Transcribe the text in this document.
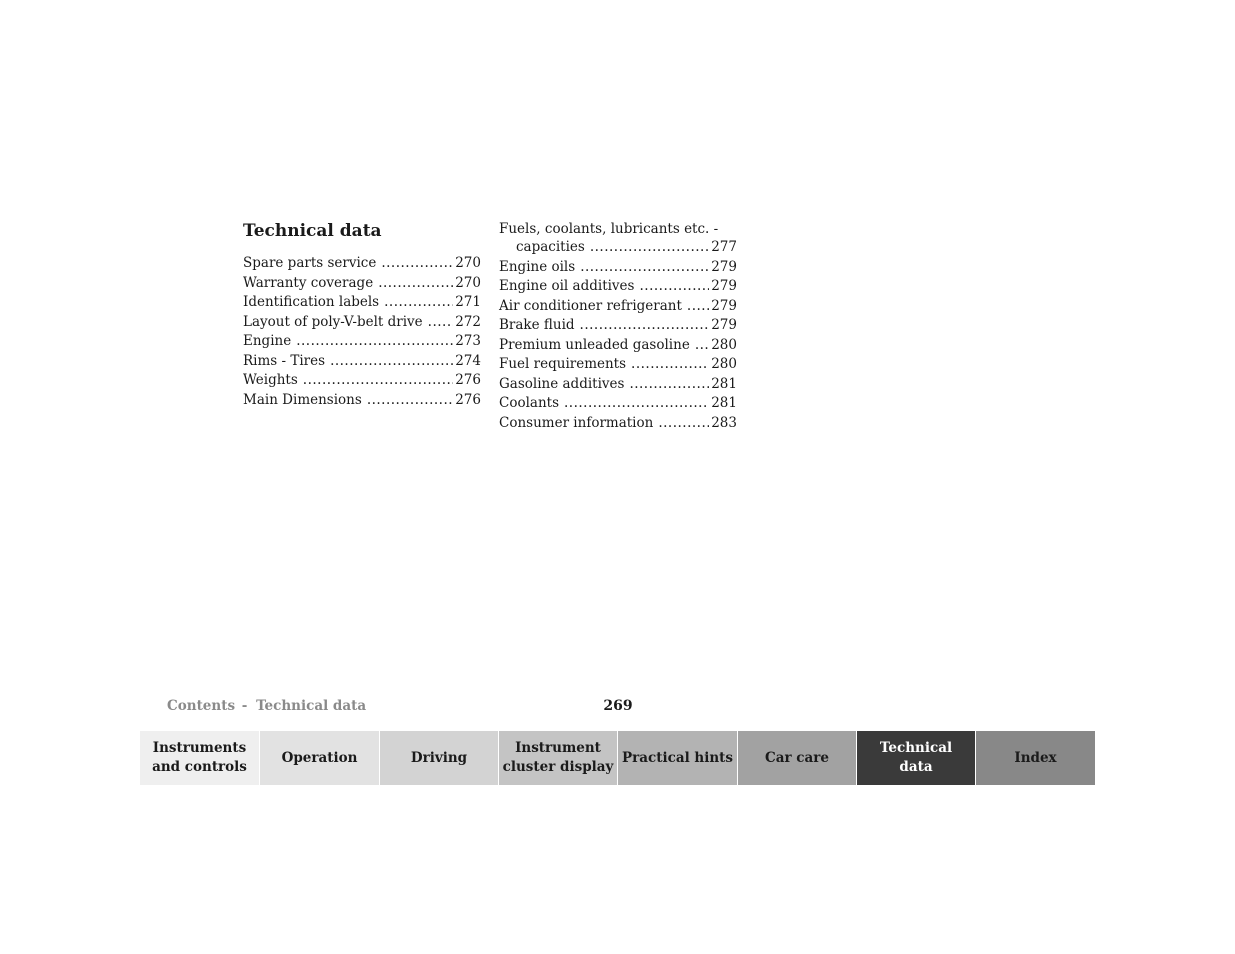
Technical data
Spare parts service .....	270
Warranty coverage .....	270
Identification labels .....	271
Layout of poly-V-belt drive ..... 272
Engine .....	273
Rims - Tires .....	274
Weights .....	276
Main Dimensions .....	276
Fuels, coolants, lubricants etc. -
capacities .....	277
Engine oils .....	279
Engine oil additives .....	279
Air conditioner refrigerant ..... 279
Brake fluid .....	279
Premium unleaded gasoline ..... 280
Fuel requirements .....	280
Gasoline additives .....	281
Coolants .....	281
Consumer information .....	283
Contents - Technical data	269
Instruments
and controls
Operation	Driving
Instrument
cluster display
Practical hints Car care
Technical
data
Index
